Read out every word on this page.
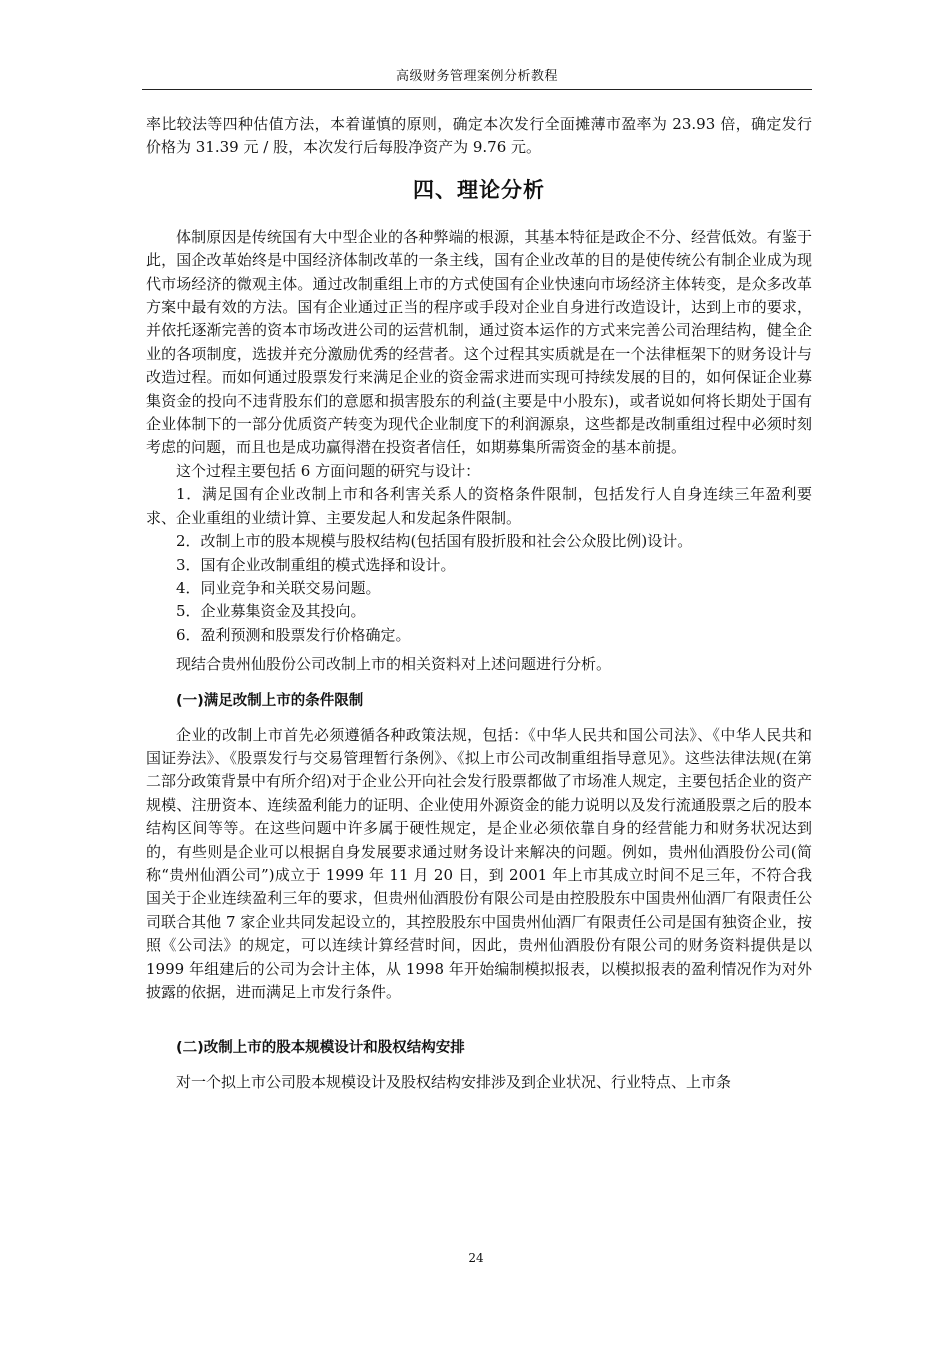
高级财务管理案例分析教程

率比较法等四种估值方法，本着谨慎的原则，确定本次发行全面摊薄市盈率为 23.93 倍，确定发行价格为 31.39 元 / 股，本次发行后每股净资产为 9.76 元。

四、理论分析

体制原因是传统国有大中型企业的各种弊端的根源，其基本特征是政企不分、经营低效。有鉴于此，国企改革始终是中国经济体制改革的一条主线，国有企业改革的目的是使传统公有制企业成为现代市场经济的微观主体。通过改制重组上市的方式使国有企业快速向市场经济主体转变，是众多改革方案中最有效的方法。国有企业通过正当的程序或手段对企业自身进行改造设计，达到上市的要求，并依托逐渐完善的资本市场改进公司的运营机制，通过资本运作的方式来完善公司治理结构，健全企业的各项制度，选拔并充分激励优秀的经营者。这个过程其实质就是在一个法律框架下的财务设计与改造过程。而如何通过股票发行来满足企业的资金需求进而实现可持续发展的目的，如何保证企业募集资金的投向不违背股东们的意愿和损害股东的利益(主要是中小股东)，或者说如何将长期处于国有企业体制下的一部分优质资产转变为现代企业制度下的利润源泉，这些都是改制重组过程中必须时刻考虑的问题，而且也是成功赢得潜在投资者信任，如期募集所需资金的基本前提。

这个过程主要包括 6 方面问题的研究与设计：

1．满足国有企业改制上市和各利害关系人的资格条件限制，包括发行人自身连续三年盈利要求、企业重组的业绩计算、主要发起人和发起条件限制。

2．改制上市的股本规模与股权结构(包括国有股折股和社会公众股比例)设计。

3．国有企业改制重组的模式选择和设计。

4．同业竞争和关联交易问题。

5．企业募集资金及其投向。

6．盈利预测和股票发行价格确定。

现结合贵州仙股份公司改制上市的相关资料对上述问题进行分析。

(一)满足改制上市的条件限制

企业的改制上市首先必须遵循各种政策法规，包括：《中华人民共和国公司法》、《中华人民共和国证券法》、《股票发行与交易管理暂行条例》、《拟上市公司改制重组指导意见》。这些法律法规(在第二部分政策背景中有所介绍)对于企业公开向社会发行股票都做了市场准人规定，主要包括企业的资产规模、注册资本、连续盈利能力的证明、企业使用外源资金的能力说明以及发行流通股票之后的股本结构区间等等。在这些问题中许多属于硬性规定，是企业必须依靠自身的经营能力和财务状况达到的，有些则是企业可以根据自身发展要求通过财务设计来解决的问题。例如，贵州仙酒股份公司(简称“贵州仙酒公司”)成立于 1999 年 11 月 20 日，到 2001 年上市其成立时间不足三年，不符合我国关于企业连续盈利三年的要求，但贵州仙酒股份有限公司是由控股股东中国贵州仙酒厂有限责任公司联合其他 7 家企业共同发起设立的，其控股股东中国贵州仙酒厂有限责任公司是国有独资企业，按照《公司法》的规定，可以连续计算经营时间，因此，贵州仙酒股份有限公司的财务资料提供是以 1999 年组建后的公司为会计主体，从 1998 年开始编制模拟报表，以模拟报表的盈利情况作为对外披露的依据，进而满足上市发行条件。

(二)改制上市的股本规模设计和股权结构安排

对一个拟上市公司股本规模设计及股权结构安排涉及到企业状况、行业特点、上市条

24
